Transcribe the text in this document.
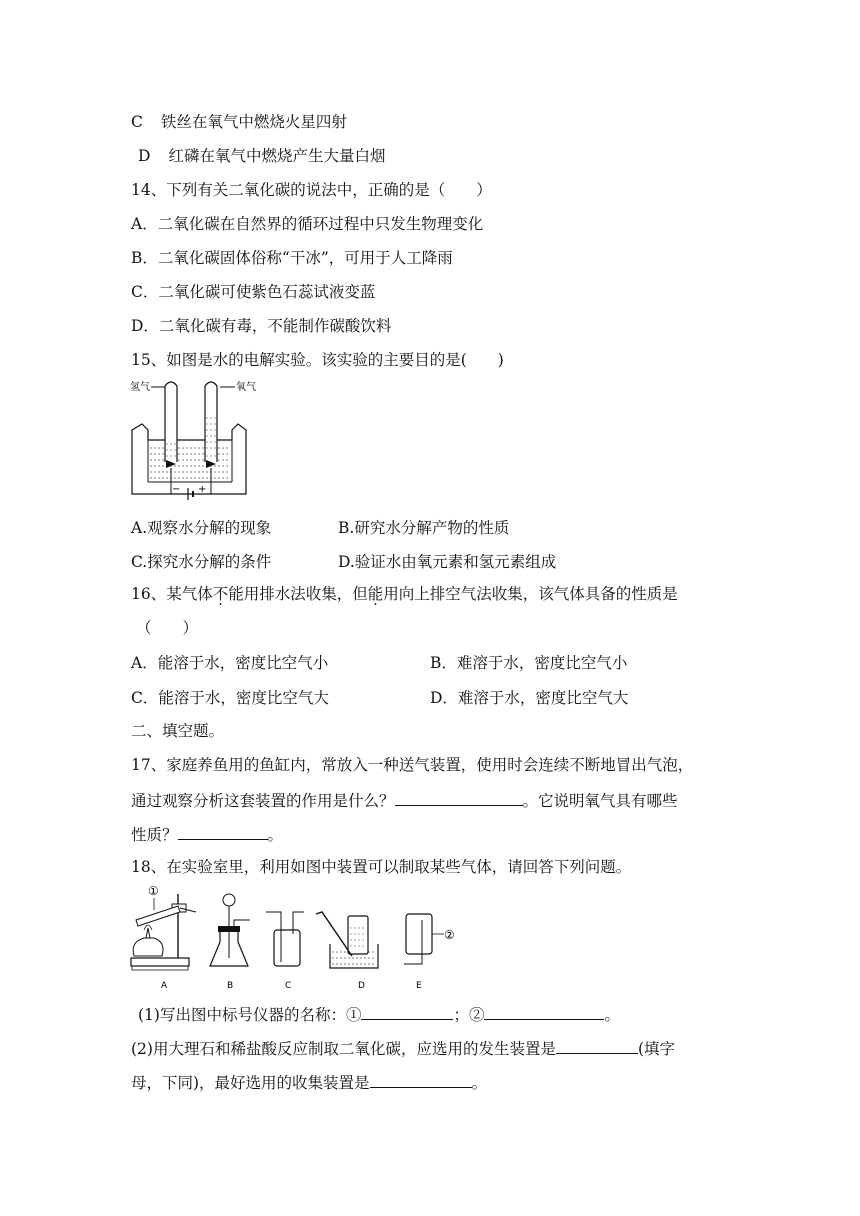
C 铁丝在氧气中燃烧火星四射
D 红磷在氧气中燃烧产生大量白烟
14、下列有关二氧化碳的说法中，正确的是（　　）
A．二氧化碳在自然界的循环过程中只发生物理变化
B．二氧化碳固体俗称“干冰”，可用于人工降雨
C．二氧化碳可使紫色石蕊试液变蓝
D．二氧化碳有毒，不能制作碳酸饮料
15、如图是水的电解实验。该实验的主要目的是(　　)
氢气	氧气
− +
A.观察水分解的现象	B.研究水分解产物的性质
C.探究水分解的条件	D.验证水由氧元素和氢元素组成
16、某气体不能用排水法收集，但能用向上排空气法收集，该气体具备的性质是
（　　）
A．能溶于水，密度比空气小	B．难溶于水，密度比空气小
C．能溶于水，密度比空气大	D．难溶于水，密度比空气大
二、填空题。
17、家庭养鱼用的鱼缸内，常放入一种送气装置，使用时会连续不断地冒出气泡，
通过观察分析这套装置的作用是什么？	。它说明氧气具有哪些
性质？	。
18、在实验室里，利用如图中装置可以制取某些气体，请回答下列问题。
①
②
A	B	C	D	E
(1)写出图中标号仪器的名称：①	；②	。
(2)用大理石和稀盐酸反应制取二氧化碳，应选用的发生装置是	(填字
母，下同)，最好选用的收集装置是	。
